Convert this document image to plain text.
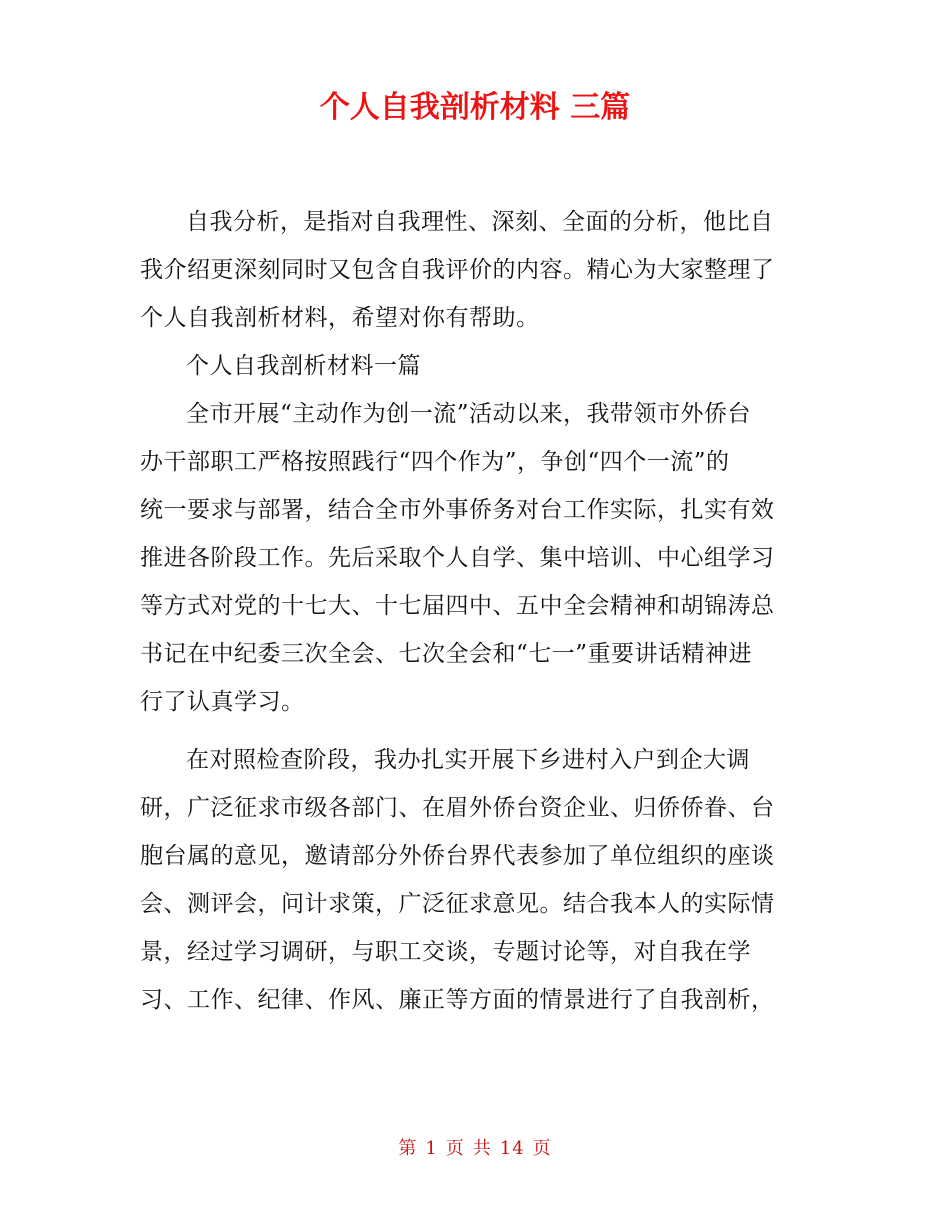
个人自我剖析材料 三篇
自我分析，是指对自我理性、深刻、全面的分析，他比自
我介绍更深刻同时又包含自我评价的内容。精心为大家整理了
个人自我剖析材料，希望对你有帮助。
个人自我剖析材料一篇
全市开展“主动作为创一流”活动以来，我带领市外侨台
办干部职工严格按照践行“四个作为”，争创“四个一流”的
统一要求与部署，结合全市外事侨务对台工作实际，扎实有效
推进各阶段工作。先后采取个人自学、集中培训、中心组学习
等方式对党的十七大、十七届四中、五中全会精神和胡锦涛总
书记在中纪委三次全会、七次全会和“七一”重要讲话精神进
行了认真学习。
在对照检查阶段，我办扎实开展下乡进村入户到企大调
研，广泛征求市级各部门、在眉外侨台资企业、归侨侨眷、台
胞台属的意见，邀请部分外侨台界代表参加了单位组织的座谈
会、测评会，问计求策，广泛征求意见。结合我本人的实际情
景，经过学习调研，与职工交谈，专题讨论等，对自我在学
习、工作、纪律、作风、廉正等方面的情景进行了自我剖析，
第 1 页 共 14 页
